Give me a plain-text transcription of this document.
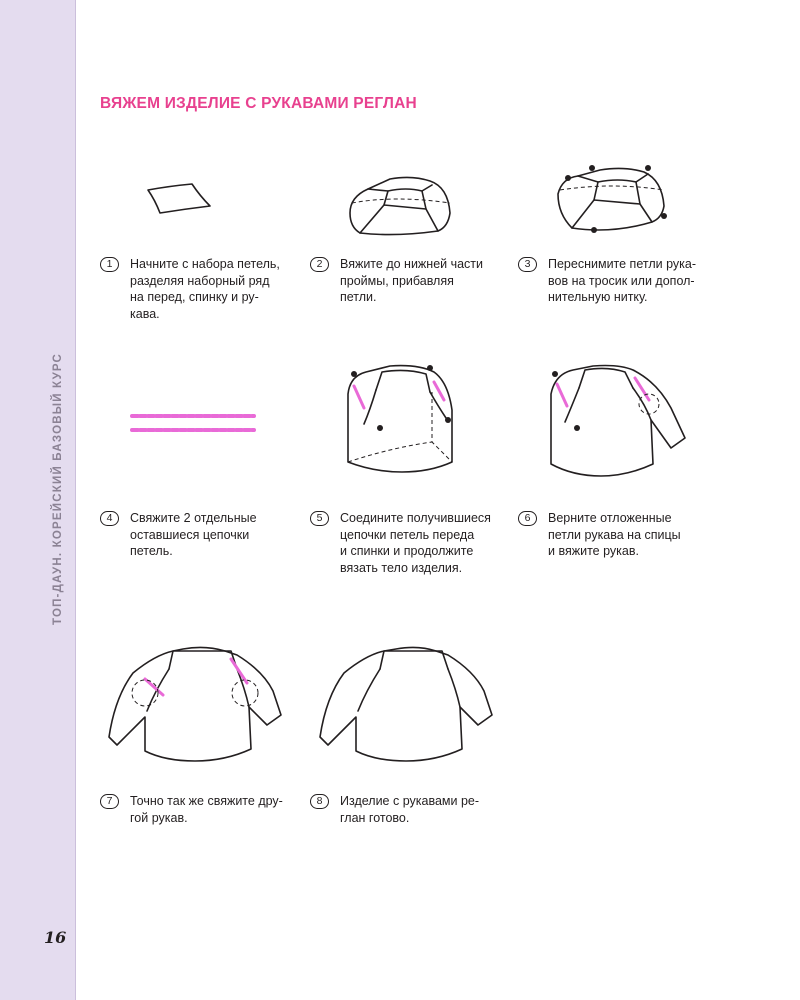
ТОП-ДАУН. КОРЕЙСКИЙ БАЗОВЫЙ КУРС
16
ВЯЖЕМ ИЗДЕЛИЕ С РУКАВАМИ РЕГЛАН
1	Начните с набора петель,
разделяя наборный ряд
на перед, спинку и ру-
кава.
2	Вяжите до нижней части
проймы, прибавляя
петли.
3	Переснимите петли рука-
вов на тросик или допол-
нительную нитку.
4	Свяжите 2 отдельные
оставшиеся цепочки
петель.
5	Соедините получившиеся
цепочки петель переда
и спинки и продолжите
вязать тело изделия.
6	Верните отложенные
петли рукава на спицы
и вяжите рукав.
7	Точно так же свяжите дру-
гой рукав.
8	Изделие с рукавами ре-
глан готово.
